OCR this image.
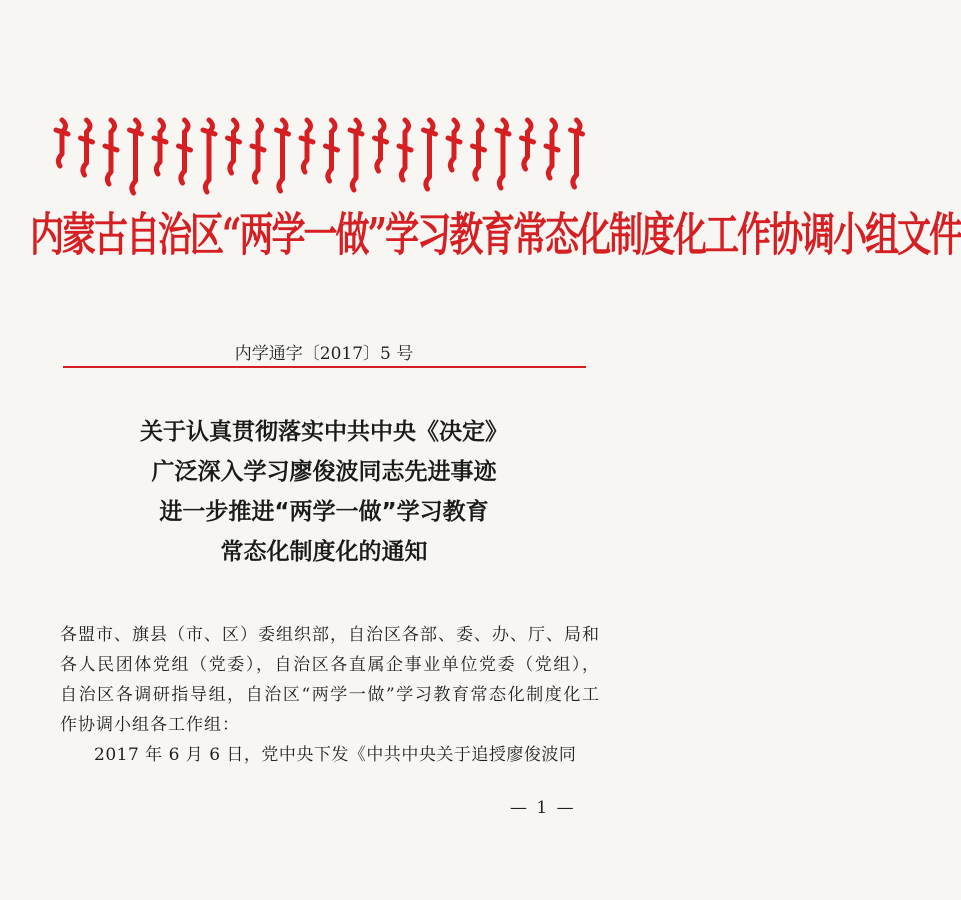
内蒙古自治区“两学一做”学习教育常态化制度化工作协调小组文件
内学通字〔2017〕5 号
关于认真贯彻落实中共中央《决定》
广泛深入学习廖俊波同志先进事迹
进一步推进“两学一做”学习教育
常态化制度化的通知

各盟市、旗县（市、区）委组织部，自治区各部、委、办、厅、局和各人民团体党组（党委），自治区各直属企事业单位党委（党组），自治区各调研指导组，自治区“两学一做”学习教育常态化制度化工作协调小组各工作组：

2017 年 6 月 6 日，党中央下发《中共中央关于追授廖俊波同

— 1 —
